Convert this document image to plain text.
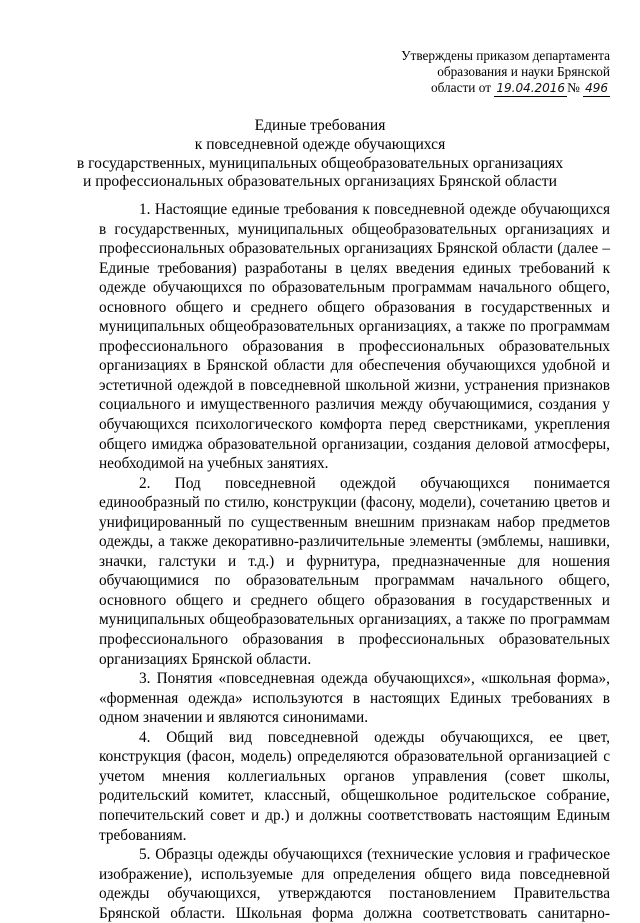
Утверждены приказом департамента
образования и науки Брянской
области от 19.04.2016 № 496
Единые требования
к повседневной одежде обучающихся
в государственных, муниципальных общеобразовательных организациях
и профессиональных образовательных организациях Брянской области

1. Настоящие единые требования к повседневной одежде обучающихся в государственных, муниципальных общеобразовательных организациях и профессиональных образовательных организациях Брянской области (далее – Единые требования) разработаны в целях введения единых требований к одежде обучающихся по образовательным программам начального общего, основного общего и среднего общего образования в государственных и муниципальных общеобразовательных организациях, а также по программам профессионального образования в профессиональных образовательных организациях в Брянской области для обеспечения обучающихся удобной и эстетичной одеждой в повседневной школьной жизни, устранения признаков социального и имущественного различия между обучающимися, создания у обучающихся психологического комфорта перед сверстниками, укрепления общего имиджа образовательной организации, создания деловой атмосферы, необходимой на учебных занятиях.

2. Под повседневной одеждой обучающихся понимается единообразный по стилю, конструкции (фасону, модели), сочетанию цветов и унифицированный по существенным внешним признакам набор предметов одежды, а также декоративно-различительные элементы (эмблемы, нашивки, значки, галстуки и т.д.) и фурнитура, предназначенные для ношения обучающимися по образовательным программам начального общего, основного общего и среднего общего образования в государственных и муниципальных общеобразовательных организациях, а также по программам профессионального образования в профессиональных образовательных организациях Брянской области.

3. Понятия «повседневная одежда обучающихся», «школьная форма», «форменная одежда» используются в настоящих Единых требованиях в одном значении и являются синонимами.

4. Общий вид повседневной одежды обучающихся, ее цвет, конструкция (фасон, модель) определяются образовательной организацией с учетом мнения коллегиальных органов управления (совет школы, родительский комитет, классный, общешкольное родительское собрание, попечительский совет и др.) и должны соответствовать настоящим Единым требованиям.

5. Образцы одежды обучающихся (технические условия и графическое изображение), используемые для определения общего вида повседневной одежды обучающихся, утверждаются постановлением Правительства Брянской области. Школьная форма должна соответствовать санитарно-
